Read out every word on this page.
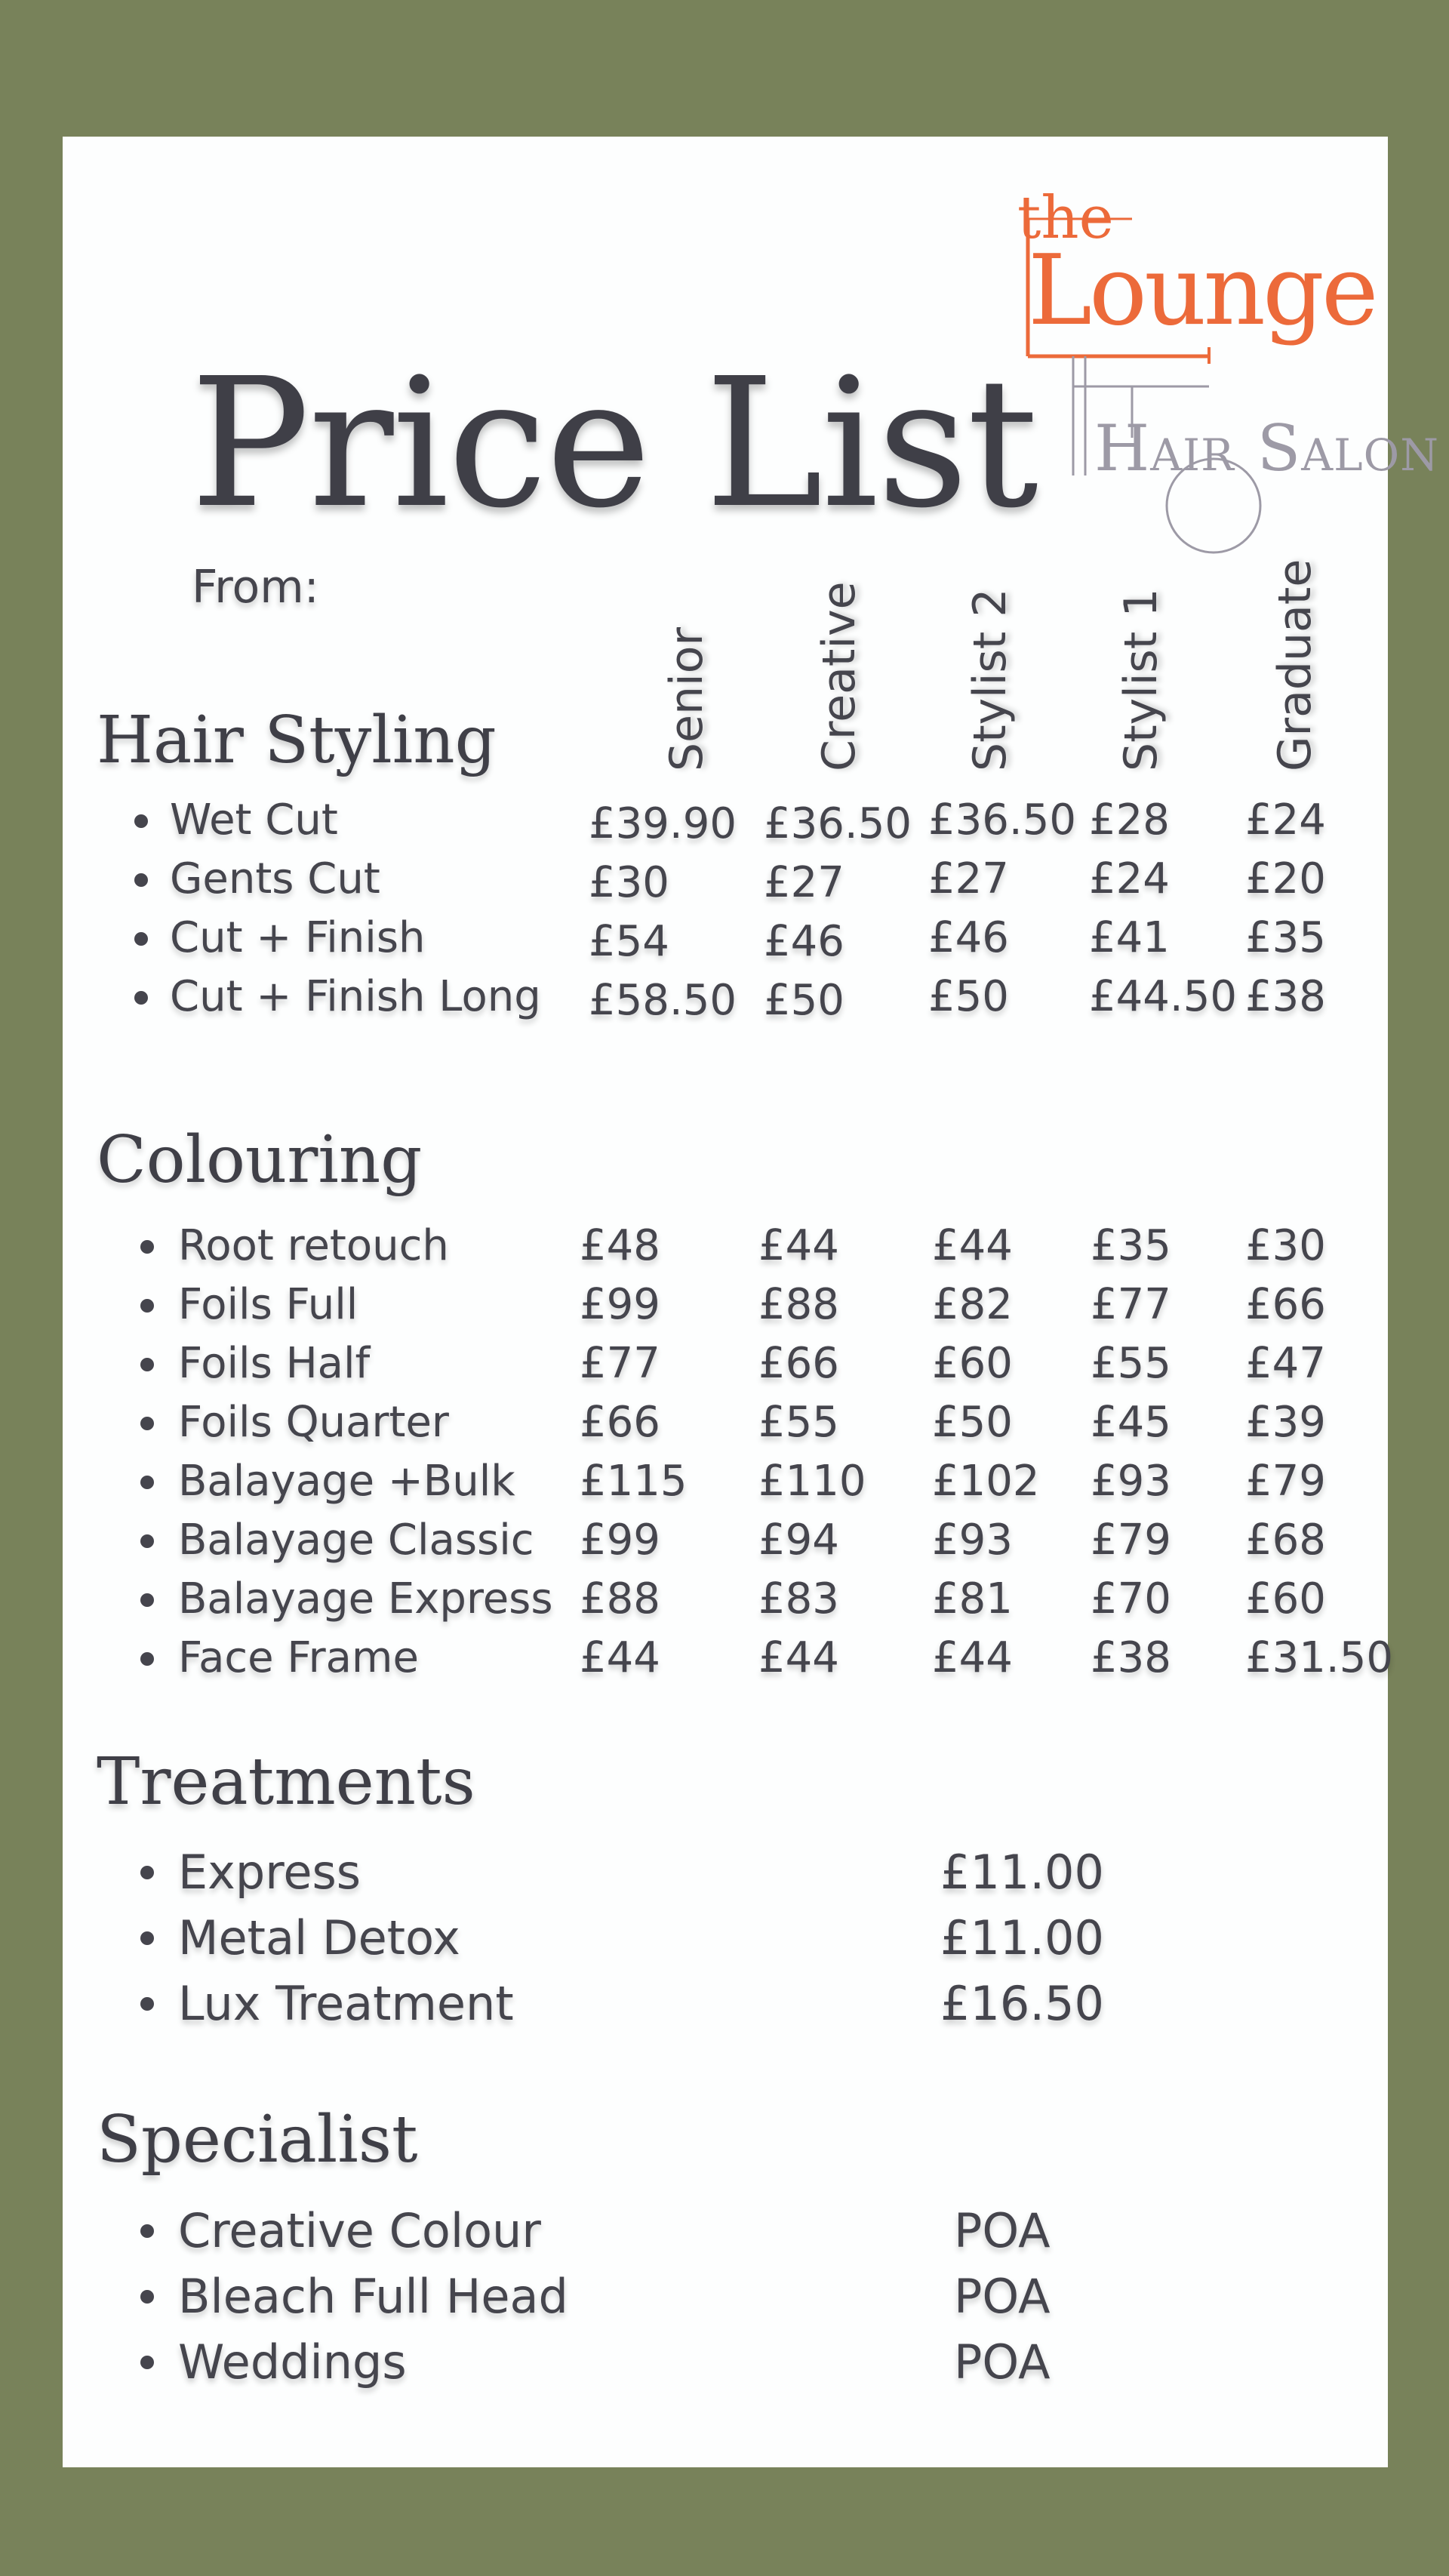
Price List
From:
the
Lounge
HAIR SALON
Senior Creative Stylist 2 Stylist 1 Graduate
Hair Styling
Colouring
Treatments
Specialist
Wet Cut	£39.90 £36.50 £36.50 £28 £24
Gents Cut	£30 £27 £27 £24 £20
Cut + Finish	£54 £46 £46 £41 £35
Cut + Finish Long £58.50 £50 £50 £44.50 £38
Root retouch	£48 £44 £44 £35 £30
Foils Full	£99 £88 £82 £77 £66
Foils Half	£77 £66 £60 £55 £47
Foils Quarter	£66 £55 £50 £45 £39
Balayage +Bulk £115 £110 £102 £93 £79
Balayage Classic £99 £94 £93 £79 £68
Balayage Express £88 £83 £81 £70 £60
Face Frame	£44 £44 £44 £38 £31.50
Express	£11.00
Metal Detox	£11.00
Lux Treatment	£16.50
Creative Colour	POA
Bleach Full Head	POA
Weddings	POA
